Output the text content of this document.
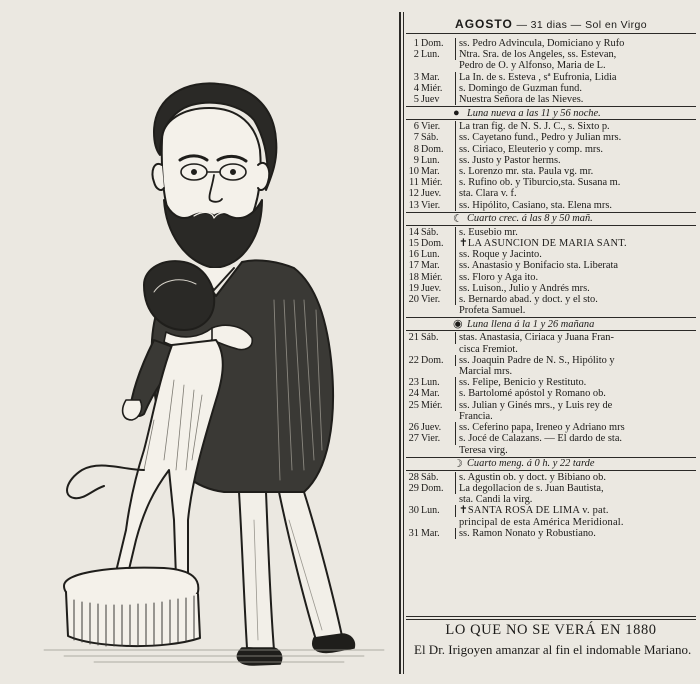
AGOSTO — 31 dias — Sol en Virgo
1 Dom.	ss. Pedro Advincula, Domiciano y Rufo
2 Lun.	Ntra. Sra. de los Angeles, ss. Estevan,
Pedro de O. y Alfonso, Maria de L.
3 Mar.	La In. de s. Esteva , sª Eufronia, Lidia
4 Miér.	s. Domingo de Guzman fund.
5 Juev	Nuestra Señora de las Nieves.
● Luna nueva a las 11 y 56 noche.
6 Vier.	La tran fig. de N. S. J. C., s. Sixto p.
7 Sáb.	ss. Cayetano fund., Pedro y Julian mrs.
8 Dom.	ss. Ciriaco, Eleuterio y comp. mrs.
9 Lun.	ss. Justo y Pastor herms.
10 Mar.	s. Lorenzo mr. sta. Paula vg. mr.
11 Miér.	s. Rufino ob. y Tiburcio,sta. Susana m.
12 Juev.	sta. Clara v. f.
13 Vier.	ss. Hipólito, Casiano, sta. Elena mrs.
☾ Cuarto crec. á las 8 y 50 mañ.
14 Sáb.	s. Eusebio mr.
15 Dom.	✝LA ASUNCION DE MARIA SANT.
16 Lun.	ss. Roque y Jacinto.
17 Mar.	ss. Anastasio y Bonifacio sta. Liberata
18 Miér.	ss. Floro y Aga ito.
19 Juev.	ss. Luison., Julio y Andrés mrs.
20 Vier.	s. Bernardo abad. y doct. y el sto.
Profeta Samuel.
◉ Luna llena á la 1 y 26 mañana
21 Sáb.	stas. Anastasia, Ciriaca y Juana Fran-
cisca Fremiot.
22 Dom.	ss. Joaquin Padre de N. S., Hipólito y
Marcial mrs.
23 Lun.	ss. Felipe, Benicio y Restituto.
24 Mar.	s. Bartolomé apóstol y Romano ob.
25 Miér.	ss. Julian y Ginés mrs., y Luis rey de
Francia.
26 Juev.	ss. Ceferino papa, Ireneo y Adriano mrs
27 Vier.	s. Jocé de Calazans. — El dardo de sta.
Teresa virg.
☽ Cuarto meng. á 0 h. y 22 tarde
28 Sáb.	s. Agustin ob. y doct. y Bibiano ob.
29 Dom.	La degollacion de s. Juan Bautista,
sta. Candi la virg.
30 Lun.	✝SANTA ROSA DE LIMA v. pat.
principal de esta América Meridional.
31 Mar.	ss. Ramon Nonato y Robustiano.
LO QUE NO SE VERÁ EN 1880
El Dr. Irigoyen amanzar al fin el indomable Mariano.
